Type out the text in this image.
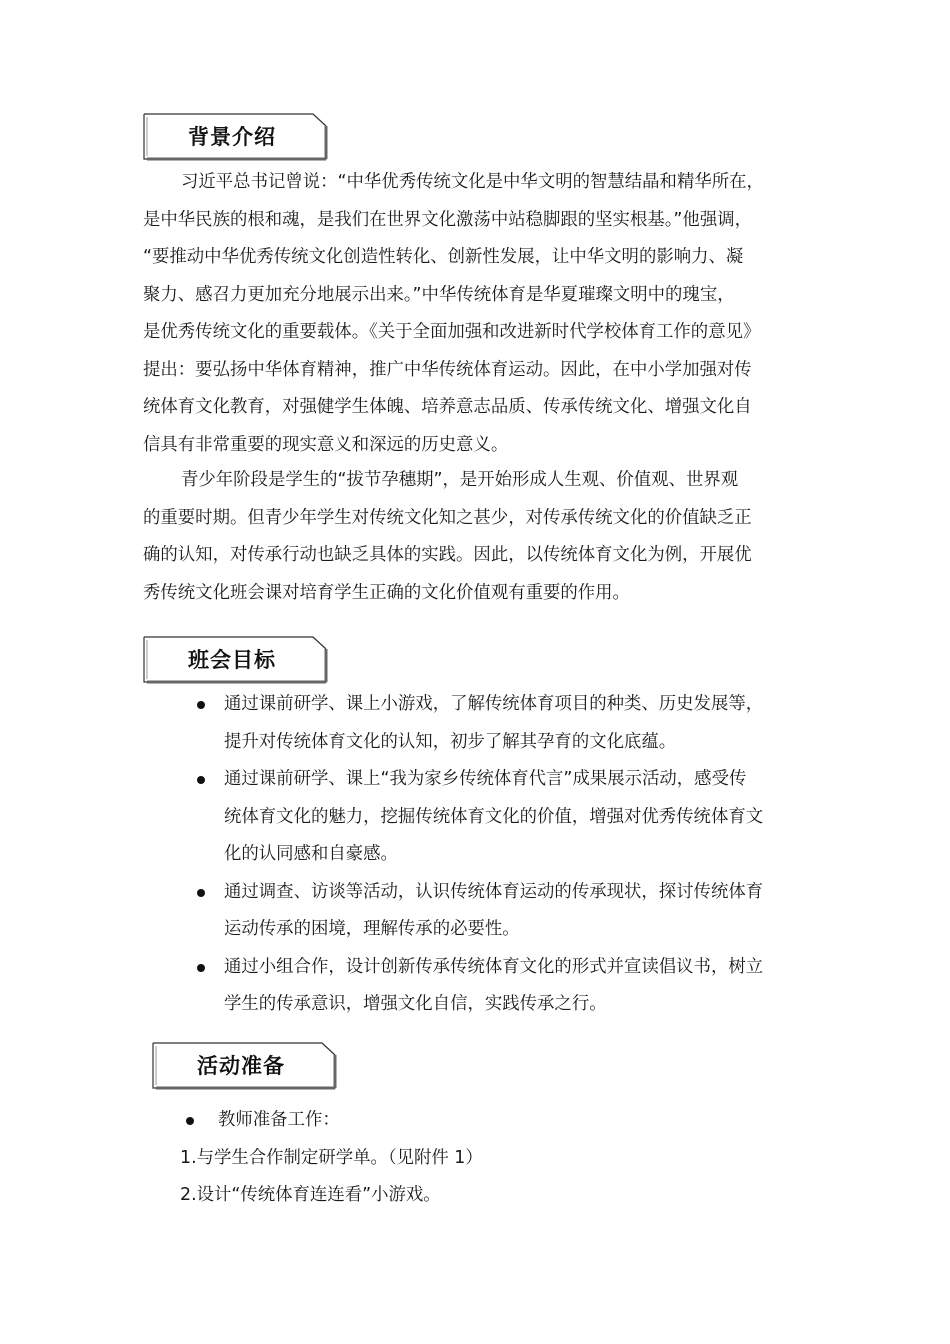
背景介绍
习近平总书记曾说：“中华优秀传统文化是中华文明的智慧结晶和精华所在，
是中华民族的根和魂，是我们在世界文化激荡中站稳脚跟的坚实根基。”他强调，
“要推动中华优秀传统文化创造性转化、创新性发展，让中华文明的影响力、凝
聚力、感召力更加充分地展示出来。”中华传统体育是华夏璀璨文明中的瑰宝，
是优秀传统文化的重要载体。《关于全面加强和改进新时代学校体育工作的意见》
提出：要弘扬中华体育精神，推广中华传统体育运动。因此，在中小学加强对传
统体育文化教育，对强健学生体魄、培养意志品质、传承传统文化、增强文化自
信具有非常重要的现实意义和深远的历史意义。
青少年阶段是学生的“拔节孕穗期”，是开始形成人生观、价值观、世界观
的重要时期。但青少年学生对传统文化知之甚少，对传承传统文化的价值缺乏正
确的认知，对传承行动也缺乏具体的实践。因此，以传统体育文化为例，开展优
秀传统文化班会课对培育学生正确的文化价值观有重要的作用。
班会目标
通过课前研学、课上小游戏，了解传统体育项目的种类、历史发展等，
提升对传统体育文化的认知，初步了解其孕育的文化底蕴。
通过课前研学、课上“我为家乡传统体育代言”成果展示活动，感受传
统体育文化的魅力，挖掘传统体育文化的价值，增强对优秀传统体育文
化的认同感和自豪感。
通过调查、访谈等活动，认识传统体育运动的传承现状，探讨传统体育
运动传承的困境，理解传承的必要性。
通过小组合作，设计创新传承传统体育文化的形式并宣读倡议书，树立
学生的传承意识，增强文化自信，实践传承之行。
活动准备
教师准备工作：
1.与学生合作制定研学单。（见附件 1）
2.设计“传统体育连连看”小游戏。
